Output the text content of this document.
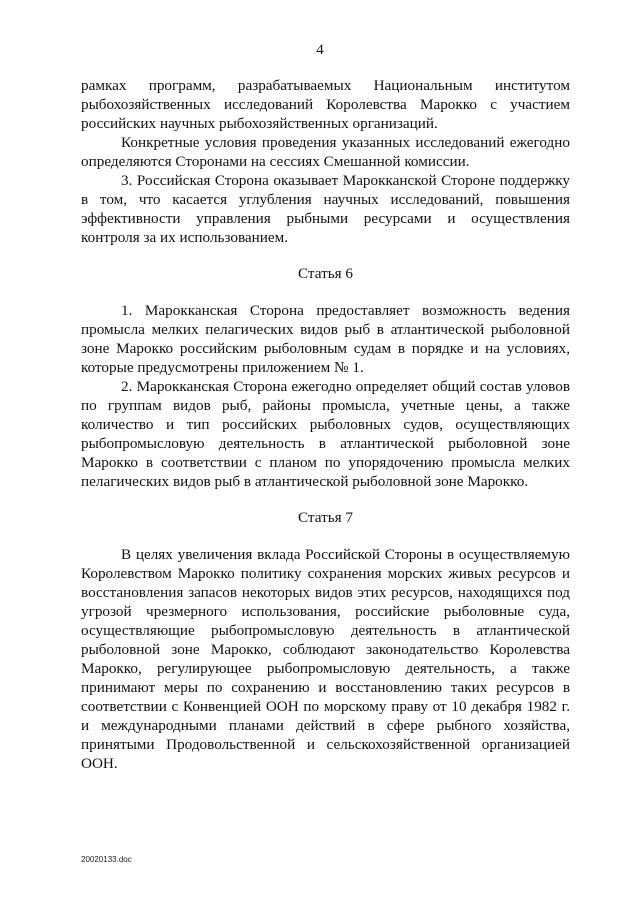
4

рамках программ, разрабатываемых Национальным институтом рыбохозяйственных исследований Королевства Марокко с участием российских научных рыбохозяйственных организаций.

Конкретные условия проведения указанных исследований ежегодно определяются Сторонами на сессиях Смешанной комиссии.

3. Российская Сторона оказывает Марокканской Стороне поддержку в том, что касается углубления научных исследований, повышения эффективности управления рыбными ресурсами и осуществления контроля за их использованием.

Статья 6

1. Марокканская Сторона предоставляет возможность ведения промысла мелких пелагических видов рыб в атлантической рыболовной зоне Марокко российским рыболовным судам в порядке и на условиях, которые предусмотрены приложением № 1.

2. Марокканская Сторона ежегодно определяет общий состав уловов по группам видов рыб, районы промысла, учетные цены, а также количество и тип российских рыболовных судов, осуществляющих рыбопромысловую деятельность в атлантической рыболовной зоне Марокко в соответствии с планом по упорядочению промысла мелких пелагических видов рыб в атлантической рыболовной зоне Марокко.

Статья 7

В целях увеличения вклада Российской Стороны в осуществляемую Королевством Марокко политику сохранения морских живых ресурсов и восстановления запасов некоторых видов этих ресурсов, находящихся под угрозой чрезмерного использования, российские рыболовные суда, осуществляющие рыбопромысловую деятельность в атлантической рыболовной зоне Марокко, соблюдают законодательство Королевства Марокко, регулирующее рыбопромысловую деятельность, а также принимают меры по сохранению и восстановлению таких ресурсов в соответствии с Конвенцией ООН по морскому праву от 10 декабря 1982 г. и международными планами действий в сфере рыбного хозяйства, принятыми Продовольственной и сельскохозяйственной организацией ООН.

20020133.doc
